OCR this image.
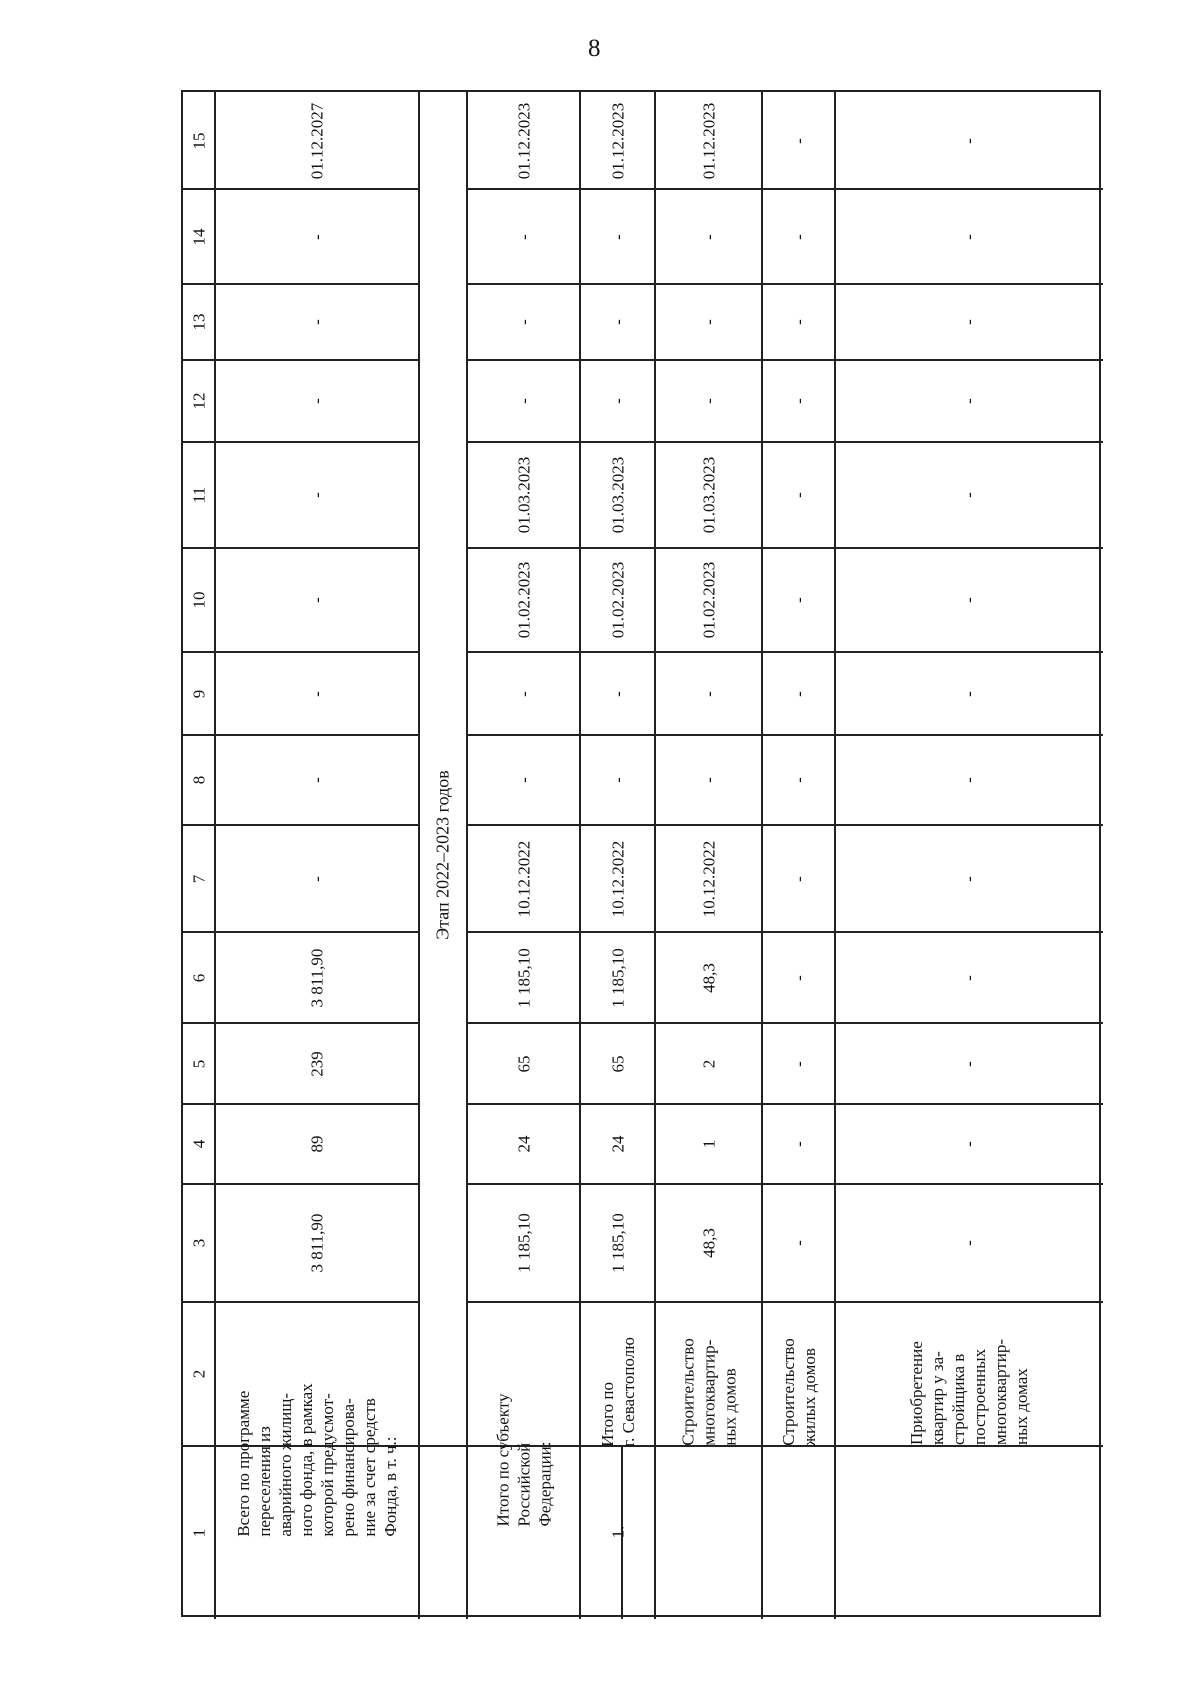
8
1
2
3
4
5
6
7
8
9
10
11
12
13
14
15
3 811,90
89
239
3 811,90
-
-
-
-
-
-
-
-
01.12.2027
Всего по программе переселения из аварийного жилищ- ного фонда, в рамках которой предусмот- рено финансирова- ние за счет средств Фонда, в т. ч.:
1 185,10
24
65
1 185,10
10.12.2022
-
-
01.02.2023
01.03.2023
-
-
-
01.12.2023
Итого по субъекту Российской Федерации:
1 185,10
24
65
1 185,10
10.12.2022
-
-
01.02.2023
01.03.2023
-
-
-
01.12.2023
1.
Итого по г. Севастополю
48,3
1
2
48,3
10.12.2022
-
-
01.02.2023
01.03.2023
-
-
-
01.12.2023
Строительство многоквартир- ных домов
-
-
-
-
-
-
-
-
-
-
-
-
-
Строительство жилых домов
-
-
-
-
-
-
-
-
-
-
-
-
-
Приобретение квартир у за- стройщика в построенных многоквартир- ных домах
Этап 2022–2023 годов
